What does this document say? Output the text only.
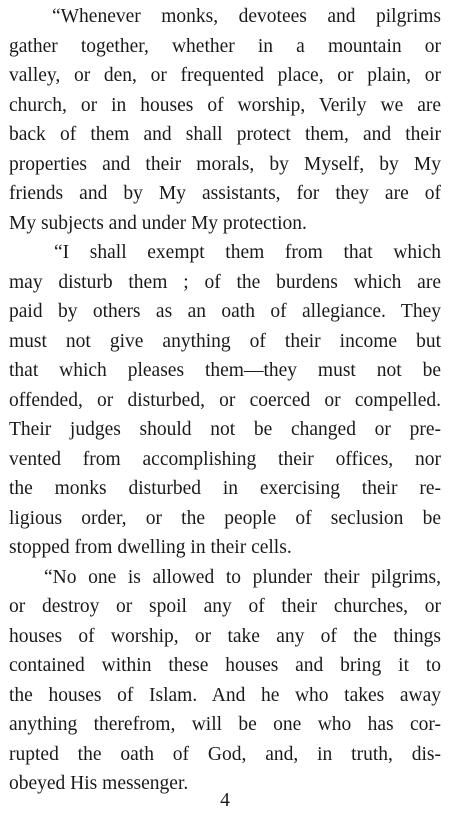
“Whenever monks, devotees and pilgrims
gather together, whether in a mountain or
valley, or den, or frequented place, or plain, or
church, or in houses of worship, Verily we are
back of them and shall protect them, and their
properties and their morals, by Myself, by My
friends and by My assistants, for they are of
My subjects and under My protection.
“I shall exempt them from that which
may disturb them ; of the burdens which are
paid by others as an oath of allegiance. They
must not give anything of their income but
that which pleases them—they must not be
offended, or disturbed, or coerced or compelled.
Their judges should not be changed or pre-
vented from accomplishing their offices, nor
the monks disturbed in exercising their re-
ligious order, or the people of seclusion be
stopped from dwelling in their cells.
“No one is allowed to plunder their pilgrims,
or destroy or spoil any of their churches, or
houses of worship, or take any of the things
contained within these houses and bring it to
the houses of Islam. And he who takes away
anything therefrom, will be one who has cor-
rupted the oath of God, and, in truth, dis-
obeyed His messenger.
4
